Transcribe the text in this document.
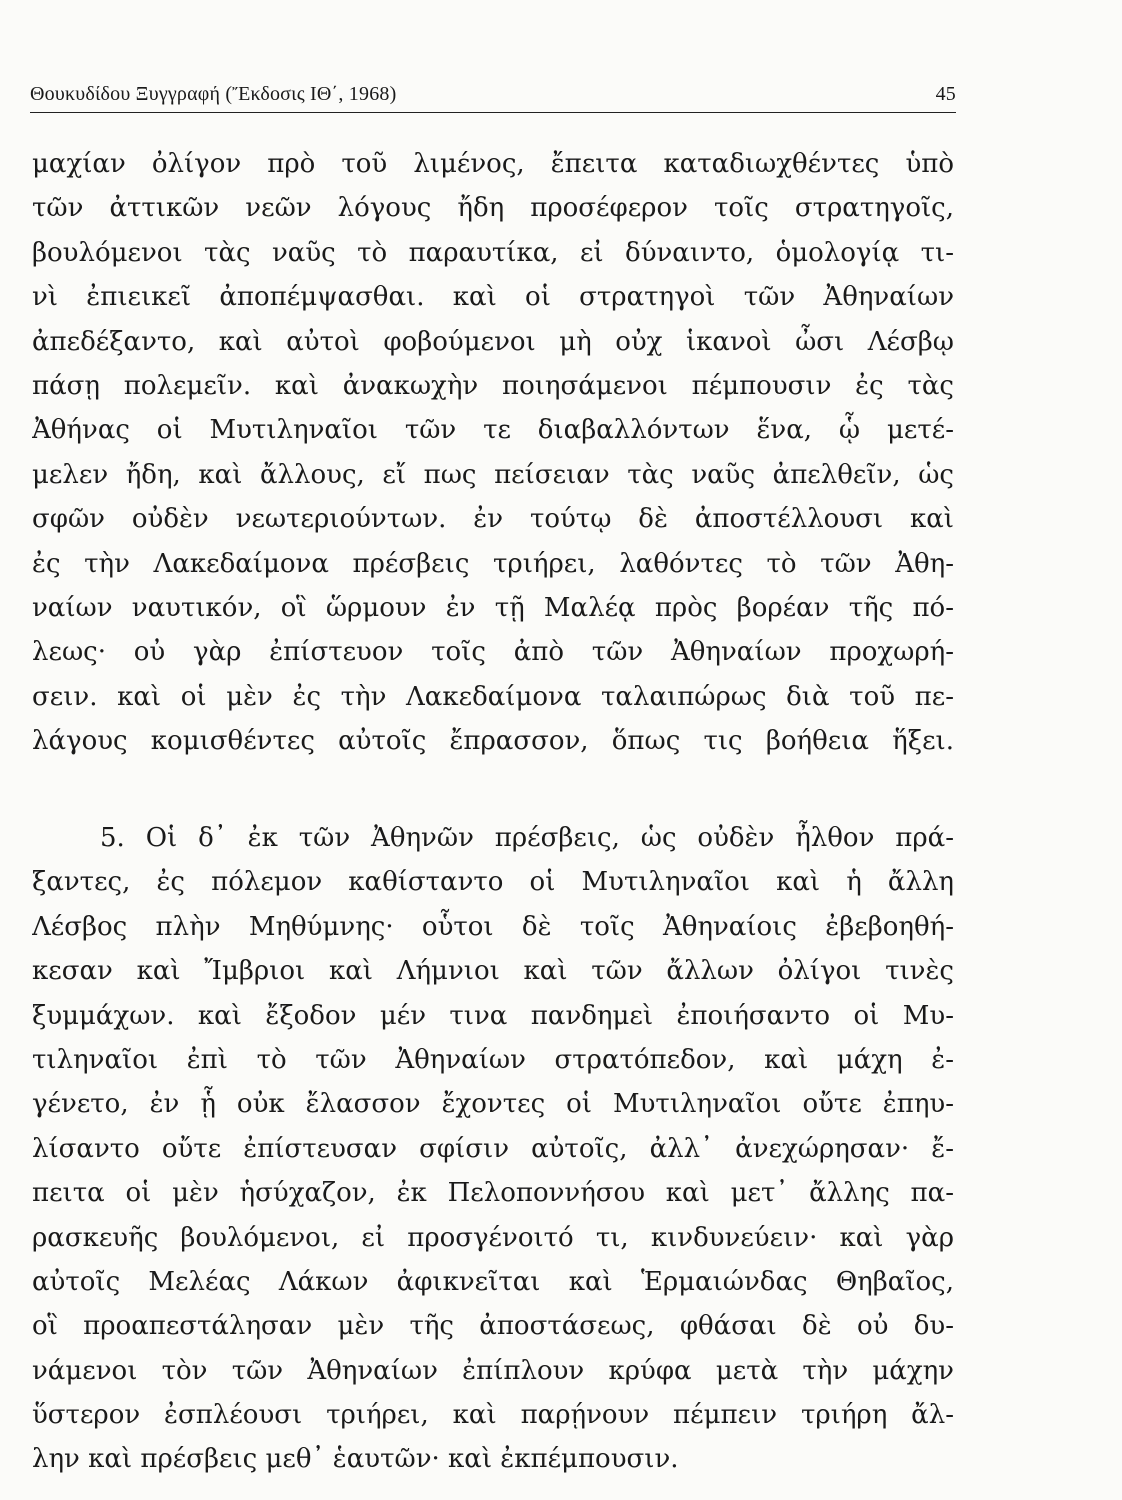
Θουκυδίδου Ξυγγραφή (Ἔκδοσις ΙΘ΄, 1968)	45
μαχίαν ὀλίγον πρὸ τοῦ λιμένος, ἔπειτα καταδιωχθέντες ὑπὸ
τῶν ἀττικῶν νεῶν λόγους ἤδη προσέφερον τοῖς στρατηγοῖς,
βουλόμενοι τὰς ναῦς τὸ παραυτίκα, εἰ δύναιντο, ὁμολογίᾳ τι-
νὶ ἐπιεικεῖ ἀποπέμψασθαι. καὶ οἱ στρατηγοὶ τῶν Ἀθηναίων
ἀπεδέξαντο, καὶ αὐτοὶ φοβούμενοι μὴ οὐχ ἱκανοὶ ὦσι Λέσβῳ
πάσῃ πολεμεῖν. καὶ ἀνακωχὴν ποιησάμενοι πέμπουσιν ἐς τὰς
Ἀθήνας οἱ Μυτιληναῖοι τῶν τε διαβαλλόντων ἕνα, ᾧ μετέ-
μελεν ἤδη, καὶ ἄλλους, εἴ πως πείσειαν τὰς ναῦς ἀπελθεῖν, ὡς
σφῶν οὐδὲν νεωτεριούντων. ἐν τούτῳ δὲ ἀποστέλλουσι καὶ
ἐς τὴν Λακεδαίμονα πρέσβεις τριήρει, λαθόντες τὸ τῶν Ἀθη-
ναίων ναυτικόν, οἳ ὥρμουν ἐν τῇ Μαλέᾳ πρὸς βορέαν τῆς πό-
λεως· οὐ γὰρ ἐπίστευον τοῖς ἀπὸ τῶν Ἀθηναίων προχωρή-
σειν. καὶ οἱ μὲν ἐς τὴν Λακεδαίμονα ταλαιπώρως διὰ τοῦ πε-
λάγους κομισθέντες αὐτοῖς ἔπρασσον, ὅπως τις βοήθεια ἥξει.
5. Οἱ δ᾽ ἐκ τῶν Ἀθηνῶν πρέσβεις, ὡς οὐδὲν ἦλθον πρά-
ξαντες, ἐς πόλεμον καθίσταντο οἱ Μυτιληναῖοι καὶ ἡ ἄλλη
Λέσβος πλὴν Μηθύμνης· οὗτοι δὲ τοῖς Ἀθηναίοις ἐβεβοηθή-
κεσαν καὶ Ἴμβριοι καὶ Λήμνιοι καὶ τῶν ἄλλων ὀλίγοι τινὲς
ξυμμάχων. καὶ ἔξοδον μέν τινα πανδημεὶ ἐποιήσαντο οἱ Μυ-
τιληναῖοι ἐπὶ τὸ τῶν Ἀθηναίων στρατόπεδον, καὶ μάχη ἐ-
γένετο, ἐν ᾗ οὐκ ἔλασσον ἔχοντες οἱ Μυτιληναῖοι οὔτε ἐπηυ-
λίσαντο οὔτε ἐπίστευσαν σφίσιν αὐτοῖς, ἀλλ᾽ ἀνεχώρησαν· ἔ-
πειτα οἱ μὲν ἡσύχαζον, ἐκ Πελοποννήσου καὶ μετ᾽ ἄλλης πα-
ρασκευῆς βουλόμενοι, εἰ προσγένοιτό τι, κινδυνεύειν· καὶ γὰρ
αὐτοῖς Μελέας Λάκων ἀφικνεῖται καὶ Ἑρμαιώνδας Θηβαῖος,
οἳ προαπεστάλησαν μὲν τῆς ἀποστάσεως, φθάσαι δὲ οὐ δυ-
νάμενοι τὸν τῶν Ἀθηναίων ἐπίπλουν κρύφα μετὰ τὴν μάχην
ὕστερον ἐσπλέουσι τριήρει, καὶ παρῄνουν πέμπειν τριήρη ἄλ-
λην καὶ πρέσβεις μεθ᾽ ἑαυτῶν· καὶ ἐκπέμπουσιν.
